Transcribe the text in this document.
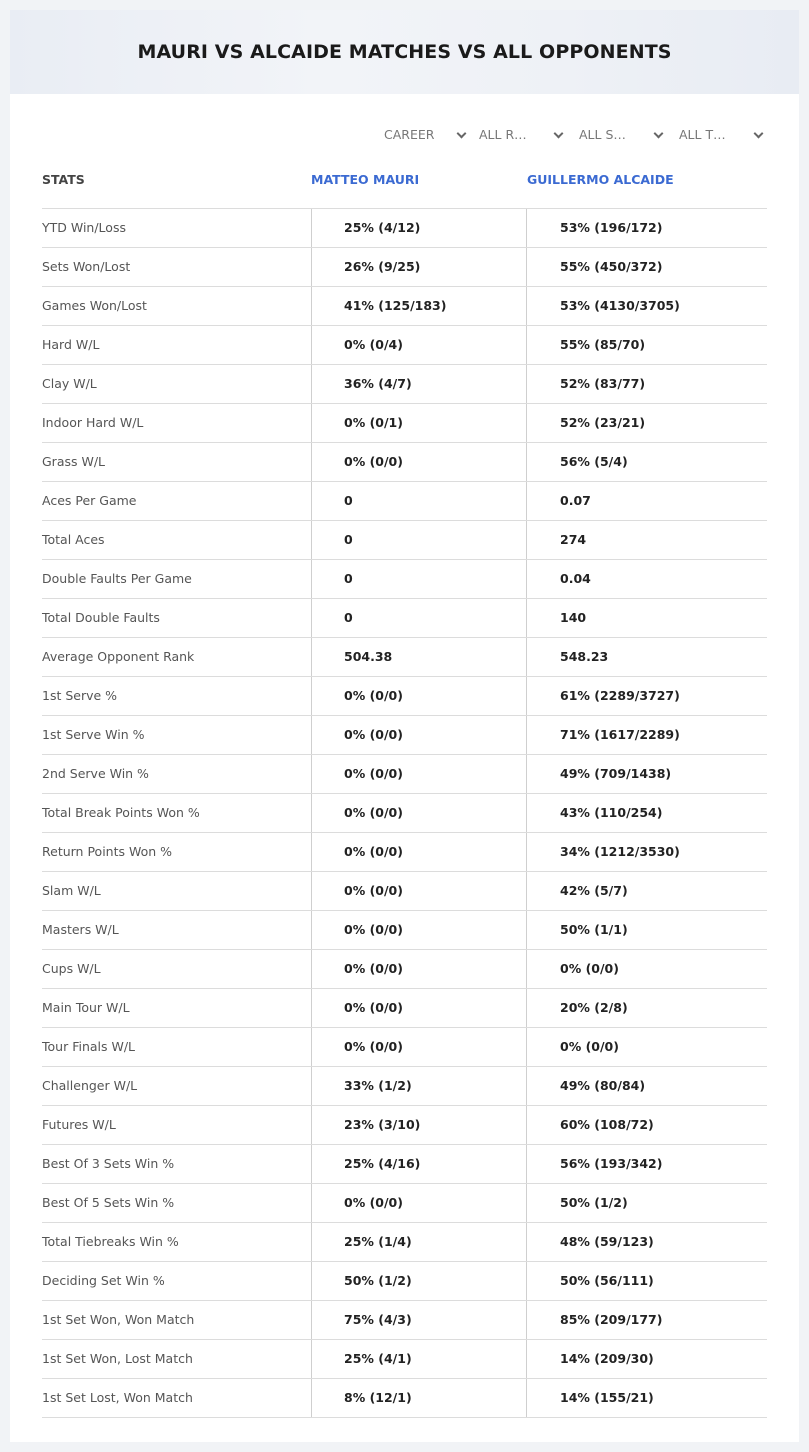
MAURI VS ALCAIDE MATCHES VS ALL OPPONENTS
CAREER	ALL R…	ALL S…	ALL T…
STATS	MATTEO MAURI	GUILLERMO ALCAIDE
YTD Win/Loss	25% (4/12)	53% (196/172)
Sets Won/Lost	26% (9/25)	55% (450/372)
Games Won/Lost	41% (125/183)	53% (4130/3705)
Hard W/L	0% (0/4)	55% (85/70)
Clay W/L	36% (4/7)	52% (83/77)
Indoor Hard W/L	0% (0/1)	52% (23/21)
Grass W/L	0% (0/0)	56% (5/4)
Aces Per Game	0	0.07
Total Aces	0	274
Double Faults Per Game	0	0.04
Total Double Faults	0	140
Average Opponent Rank	504.38	548.23
1st Serve %	0% (0/0)	61% (2289/3727)
1st Serve Win %	0% (0/0)	71% (1617/2289)
2nd Serve Win %	0% (0/0)	49% (709/1438)
Total Break Points Won %	0% (0/0)	43% (110/254)
Return Points Won %	0% (0/0)	34% (1212/3530)
Slam W/L	0% (0/0)	42% (5/7)
Masters W/L	0% (0/0)	50% (1/1)
Cups W/L	0% (0/0)	0% (0/0)
Main Tour W/L	0% (0/0)	20% (2/8)
Tour Finals W/L	0% (0/0)	0% (0/0)
Challenger W/L	33% (1/2)	49% (80/84)
Futures W/L	23% (3/10)	60% (108/72)
Best Of 3 Sets Win %	25% (4/16)	56% (193/342)
Best Of 5 Sets Win %	0% (0/0)	50% (1/2)
Total Tiebreaks Win %	25% (1/4)	48% (59/123)
Deciding Set Win %	50% (1/2)	50% (56/111)
1st Set Won, Won Match	75% (4/3)	85% (209/177)
1st Set Won, Lost Match	25% (4/1)	14% (209/30)
1st Set Lost, Won Match	8% (12/1)	14% (155/21)
